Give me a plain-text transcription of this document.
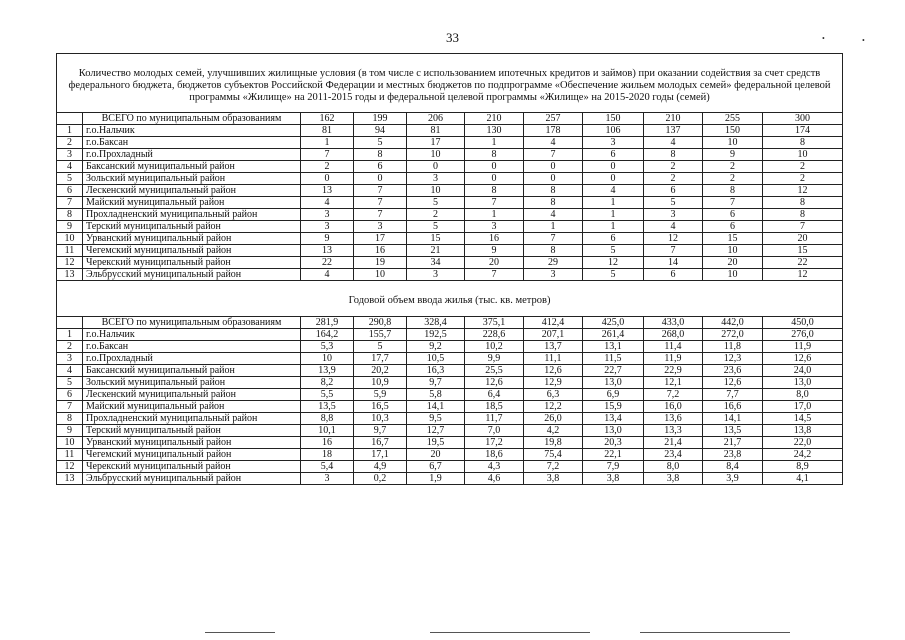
33	•	•
Количество молодых семей, улучшивших жилищные условия (в том числе с использованием ипотечных кредитов и займов) при оказании содействия за счет средств федерального бюджета, бюджетов субъектов Российской Федерации и местных бюджетов по подпрограмме «Обеспечение жильем молодых семей» федеральной целевой программы «Жилище» на 2011-2015 годы и федеральной целевой программы «Жилище» на 2015-2020 годы (семей)										
	ВСЕГО по муниципальным образованиям	162	199	206	210	257	150	210	255	300
1	г.о.Нальчик	81	94	81	130	178	106	137	150	174
2	г.о.Баксан	1	5	17	1	4	3	4	10	8
3	г.о.Прохладный	7	8	10	8	7	6	8	9	10
4	Баксанский муниципальный район	2	6	0	0	0	0	2	2	2
5	Зольский муниципальный район	0	0	3	0	0	0	2	2	2
6	Лескенский муниципальный район	13	7	10	8	8	4	6	8	12
7	Майский муниципальный район	4	7	5	7	8	1	5	7	8
8	Прохладненский муниципальный район	3	7	2	1	4	1	3	6	8
9	Терский муниципальный район	3	3	5	3	1	1	4	6	7
10	Урванский муниципальный район	9	17	15	16	7	6	12	15	20
11	Чегемский муниципальный район	13	16	21	9	8	5	7	10	15
12	Черекский муниципальный район	22	19	34	20	29	12	14	20	22
13	Эльбрусский муниципальный район	4	10	3	7	3	5	6	10	12
Годовой объем ввода жилья (тыс. кв. метров)										
	ВСЕГО по муниципальным образованиям	281,9	290,8	328,4	375,1	412,4	425,0	433,0	442,0	450,0
1	г.о.Нальчик	164,2	155,7	192,5	228,6	207,1	261,4	268,0	272,0	276,0
2	г.о.Баксан	5,3	5	9,2	10,2	13,7	13,1	11,4	11,8	11,9
3	г.о.Прохладный	10	17,7	10,5	9,9	11,1	11,5	11,9	12,3	12,6
4	Баксанский муниципальный район	13,9	20,2	16,3	25,5	12,6	22,7	22,9	23,6	24,0
5	Зольский муниципальный район	8,2	10,9	9,7	12,6	12,9	13,0	12,1	12,6	13,0
6	Лескенский муниципальный район	5,5	5,9	5,8	6,4	6,3	6,9	7,2	7,7	8,0
7	Майский муниципальный район	13,5	16,5	14,1	18,5	12,2	15,9	16,0	16,6	17,0
8	Прохладненский муниципальный район	8,8	10,3	9,5	11,7	26,0	13,4	13,6	14,1	14,5
9	Терский муниципальный район	10,1	9,7	12,7	7,0	4,2	13,0	13,3	13,5	13,8
10	Урванский муниципальный район	16	16,7	19,5	17,2	19,8	20,3	21,4	21,7	22,0
11	Чегемский муниципальный район	18	17,1	20	18,6	75,4	22,1	23,4	23,8	24,2
12	Черекский муниципальный район	5,4	4,9	6,7	4,3	7,2	7,9	8,0	8,4	8,9
13	Эльбрусский муниципальный район	3	0,2	1,9	4,6	3,8	3,8	3,8	3,9	4,1
